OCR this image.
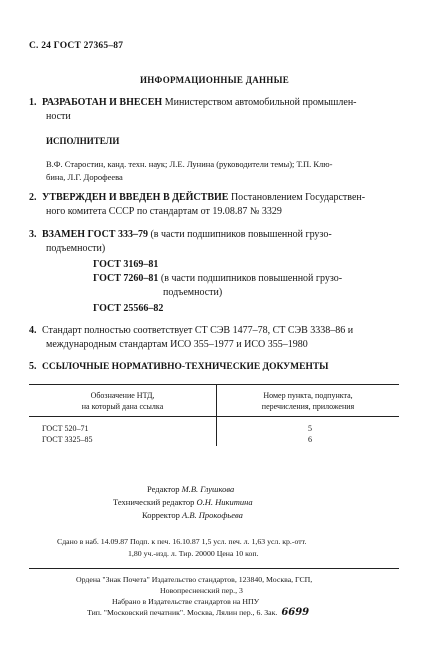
С. 24 ГОСТ 27365–87
ИНФОРМАЦИОННЫЕ ДАННЫЕ
1. РАЗРАБОТАН И ВНЕСЕН Министерством автомобильной промышлен-
ности
ИСПОЛНИТЕЛИ
В.Ф. Старостин, канд. техн. наук; Л.Е. Лунина (руководители темы); Т.П. Клю-
бина, Л.Г. Дорофеева
2. УТВЕРЖДЕН И ВВЕДЕН В ДЕЙСТВИЕ Постановлением Государствен-
ного комитета СССР по стандартам от 19.08.87 № 3329
3. ВЗАМЕН ГОСТ 333–79 (в части подшипников повышенной грузо-
подъемности)
ГОСТ 3169–81
ГОСТ 7260–81 (в части подшипников повышенной грузо-
подъемности)
ГОСТ 25566–82
4. Стандарт полностью соответствует СТ СЭВ 1477–78, СТ СЭВ 3338–86 и
международным стандартам ИСО 355–1977 и ИСО 355–1980
5. ССЫЛОЧНЫЕ НОРМАТИВНО-ТЕХНИЧЕСКИЕ ДОКУМЕНТЫ
Обозначение НТД,
на который дана ссылка
Номер пункта, подпункта,
перечисления, приложения
ГОСТ 520–71	5
ГОСТ 3325–85	6
Редактор М.В. Глушкова
Технический редактор О.Н. Никитина
Корректор А.В. Прокофьева
Сдано в наб. 14.09.87 Подп. к печ. 16.10.87 1,5 усл. печ. л. 1,63 усл. кр.-отт.
1,80 уч.-изд. л. Тир. 20000 Цена 10 коп.
Ордена "Знак Почета" Издательство стандартов, 123840, Москва, ГСП,
Новопресненский пер., 3
Набрано в Издательстве стандартов на НПУ
Тип. "Московский печатник". Москва, Лялин пер., 6. Зак. 6699
